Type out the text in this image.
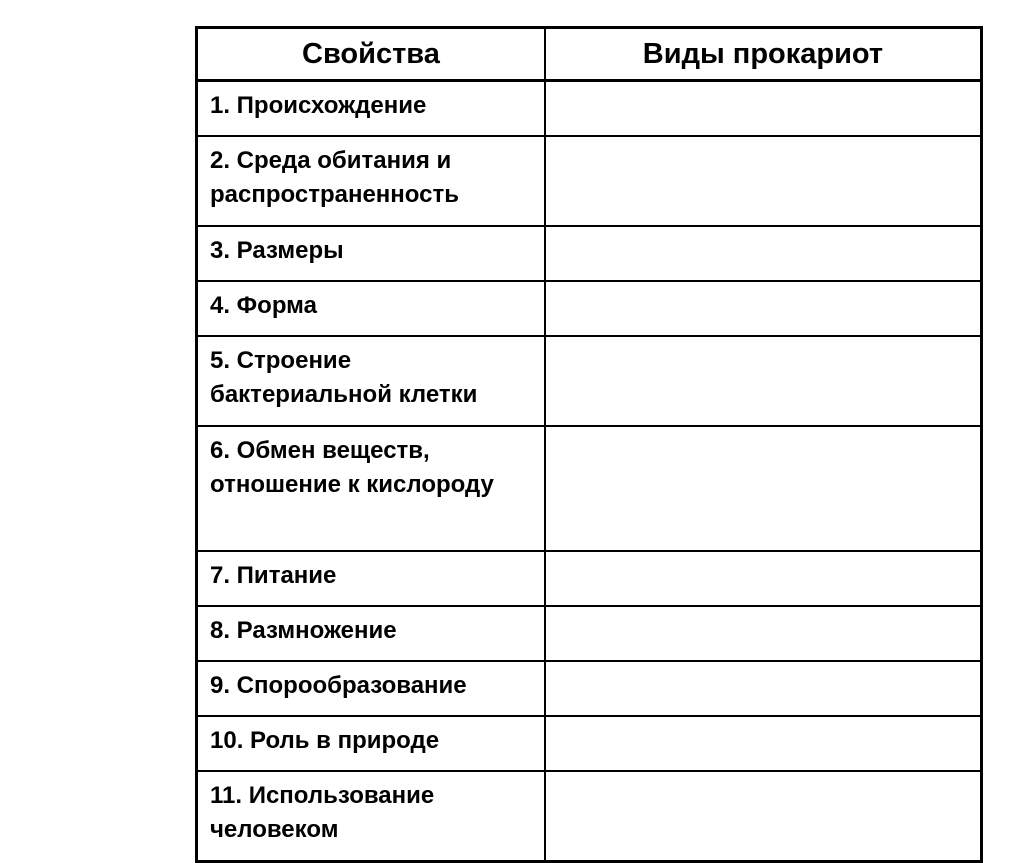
Свойства	Виды прокариот
1. Происхождение	
2. Среда обитания и распространенность	
3. Размеры	
4. Форма	
5. Строение бактериальной клетки	
6. Обмен веществ, отношение к кислороду	
7. Питание	
8. Размножение	
9. Спорообразование	
10. Роль в природе	
11. Использование человеком	
